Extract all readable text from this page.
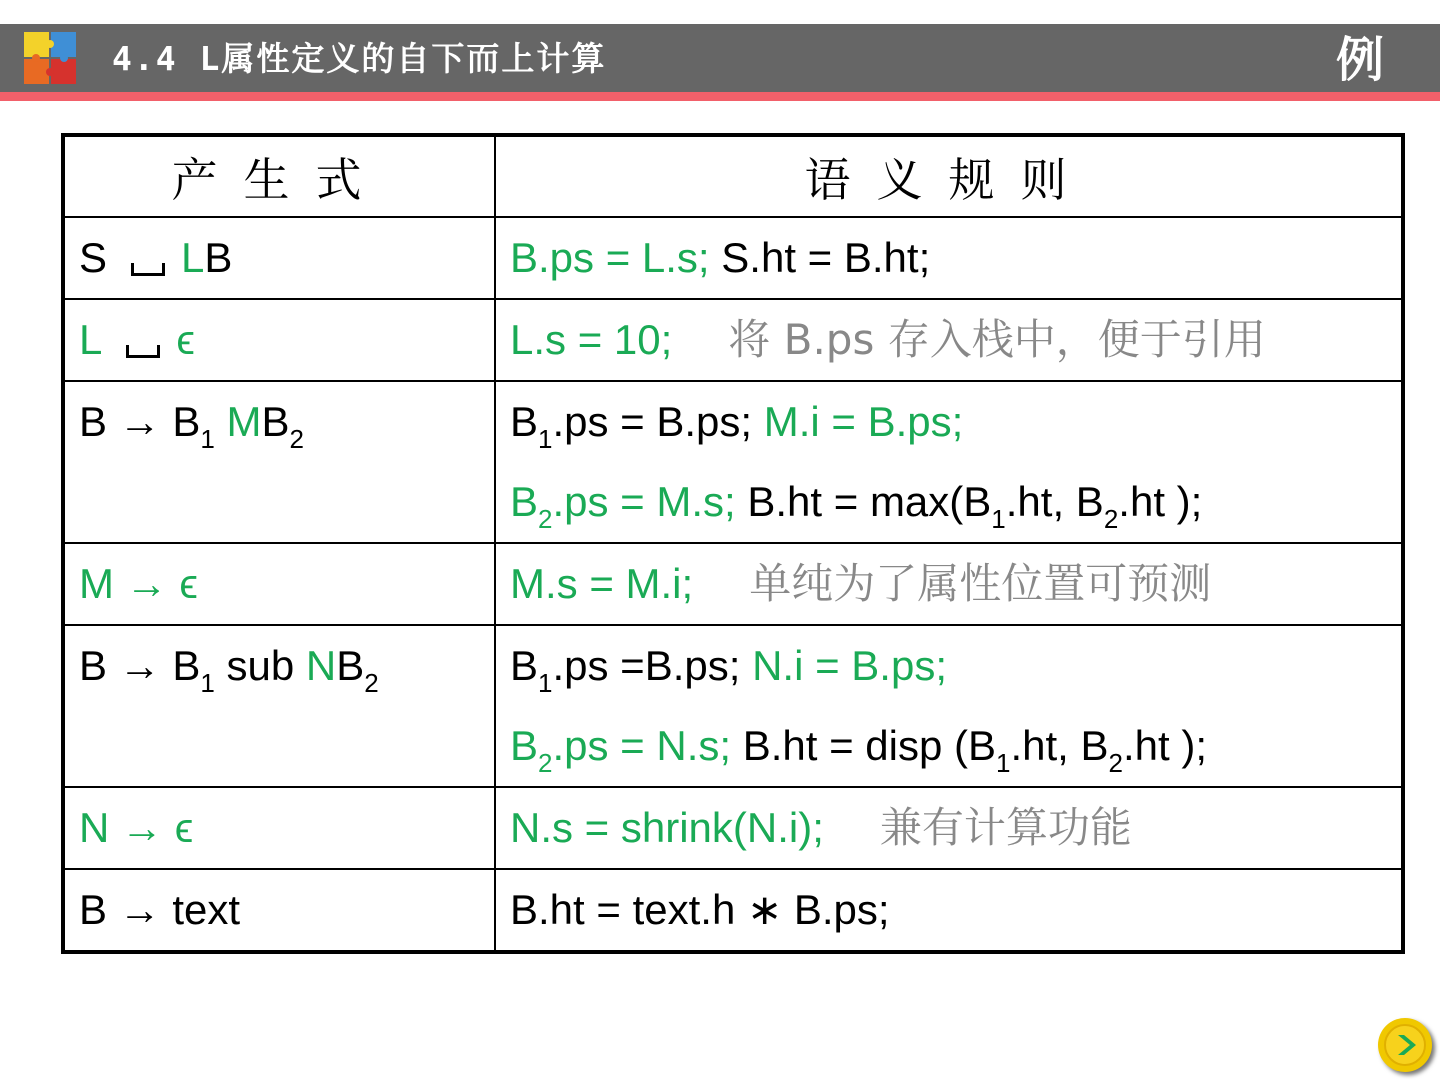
4.4 L属性定义的自下而上计算	例
产生式	语义规则

S LB	B.ps = L.s; S.ht = B.ht;

L ϵ	L.s = 10; 将 B.ps 存入栈中，便于引用

$B \to B_1$ $MB_2$	$B_1.ps = B.ps$; M.i = B.ps;
$B_2.ps = M.s$; $B.ht = \max(B_1.ht$, $B_2.ht$ );

M → ϵ	M.s = M.i; 单纯为了属性位置可预测

$B \to B_1$ sub $NB_2$	$B_1.ps =B.ps$; N.i = B.ps;
$B_2.ps = N.s$; B.ht = disp ($B_1.ht$, $B_2.ht$ );

N → ϵ	N.s = shrink(N.i); 兼有计算功能

B → text	B.ht = text.h ∗ B.ps;
